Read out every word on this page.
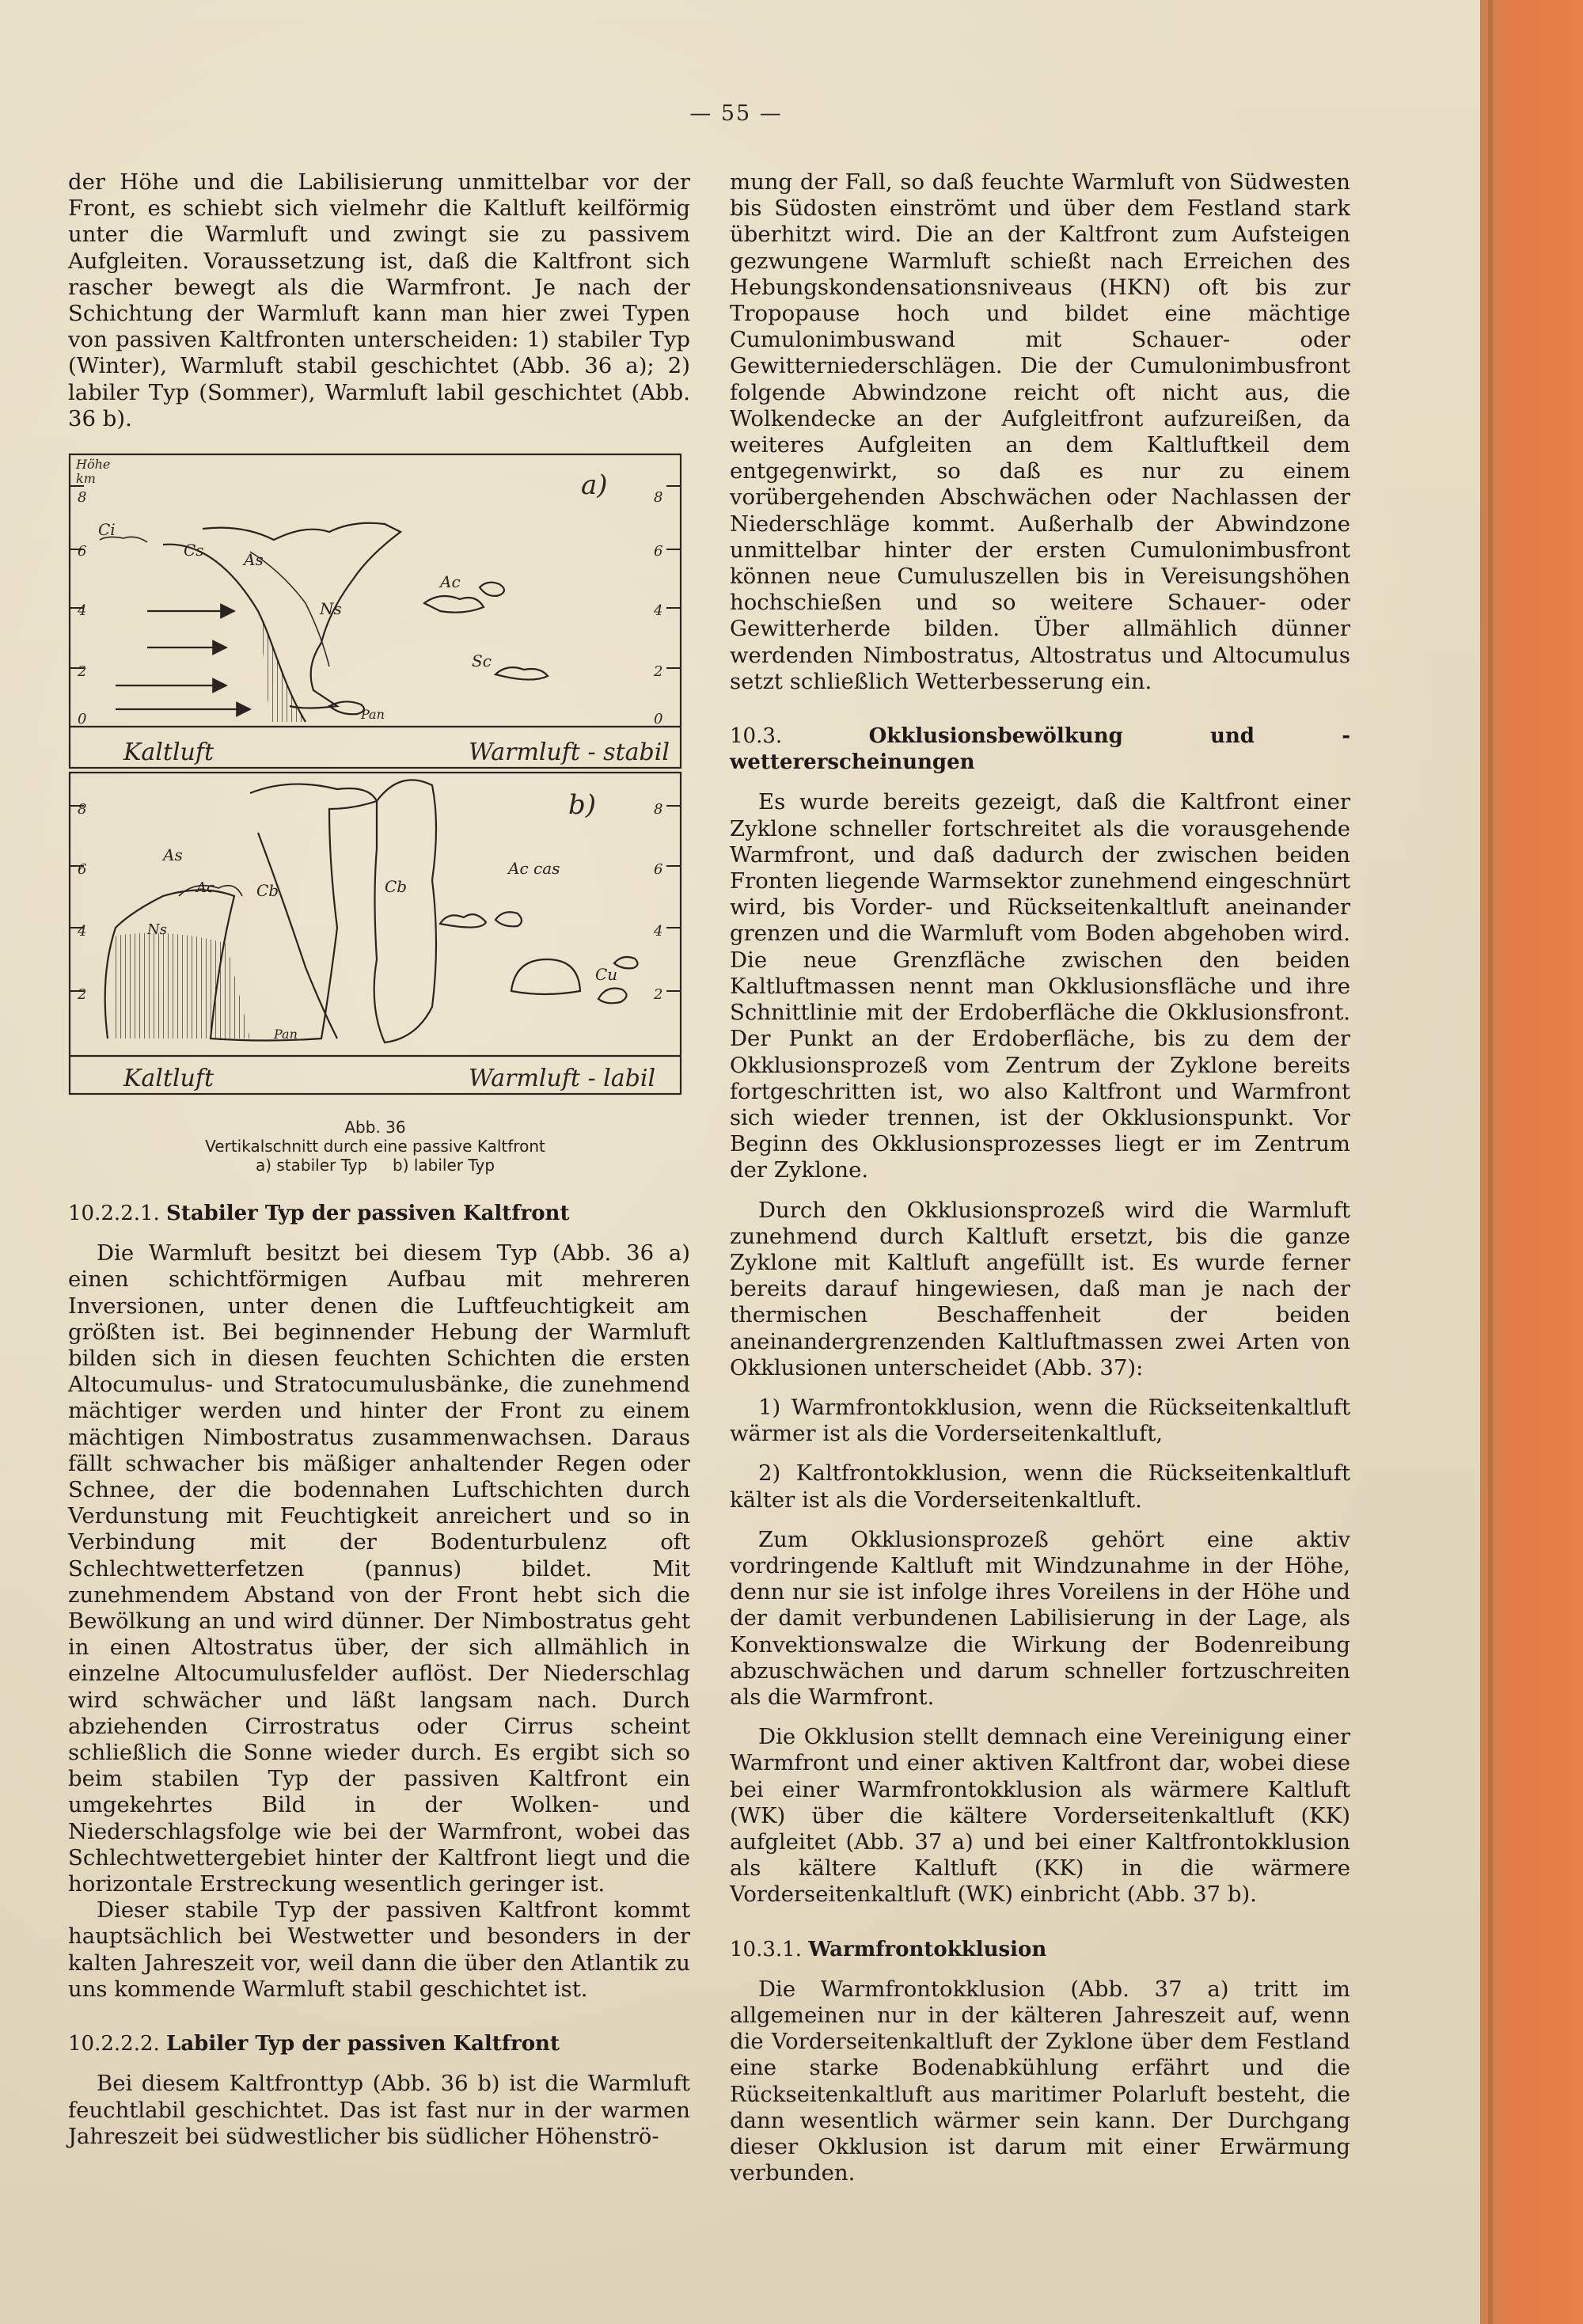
— 55 —

der Höhe und die Labilisierung unmittelbar vor der Front, es schiebt sich vielmehr die Kaltluft keilförmig unter die Warmluft und zwingt sie zu passivem Aufgleiten. Voraussetzung ist, daß die Kaltfront sich rascher bewegt als die Warmfront. Je nach der Schichtung der Warmluft kann man hier zwei Typen von passiven Kaltfronten unterscheiden: 1) stabiler Typ (Winter), Warmluft stabil geschichtet (Abb. 36 a); 2) labiler Typ (Sommer), Warmluft labil geschichtet (Abb. 36 b).

Höhe
km	a)
8
6
4
2
0
8
6
4
2
0
Ci
Cs	As
Ns
Ac
Sc
Pan
Kaltluft	Warmluft - stabil
b)
8
6
4
2
8
6
4
2
As
Ac	Cb	Cb
Ns
Ac cas
Cu
Pan
Kaltluft	Warmluft - labil
Abb. 36
Vertikalschnitt durch eine passive Kaltfront
a) stabiler Typ     b) labiler Typ

10.2.2.1. Stabiler Typ der passiven Kaltfront

Die Warmluft besitzt bei diesem Typ (Abb. 36 a) einen schichtförmigen Aufbau mit mehreren Inversionen, unter denen die Luftfeuchtigkeit am größten ist. Bei beginnender Hebung der Warmluft bilden sich in diesen feuchten Schichten die ersten Altocumulus- und Stratocumulusbänke, die zunehmend mächtiger werden und hinter der Front zu einem mächtigen Nimbostratus zusammenwachsen. Daraus fällt schwacher bis mäßiger anhaltender Regen oder Schnee, der die bodennahen Luftschichten durch Verdunstung mit Feuchtigkeit anreichert und so in Verbindung mit der Bodenturbulenz oft Schlechtwetterfetzen (pannus) bildet. Mit zunehmendem Abstand von der Front hebt sich die Bewölkung an und wird dünner. Der Nimbostratus geht in einen Altostratus über, der sich allmählich in einzelne Altocumulusfelder auflöst. Der Niederschlag wird schwächer und läßt langsam nach. Durch abziehenden Cirrostratus oder Cirrus scheint schließlich die Sonne wieder durch. Es ergibt sich so beim stabilen Typ der passiven Kaltfront ein umgekehrtes Bild in der Wolken- und Niederschlagsfolge wie bei der Warmfront, wobei das Schlechtwettergebiet hinter der Kaltfront liegt und die horizontale Erstreckung wesentlich geringer ist.

Dieser stabile Typ der passiven Kaltfront kommt hauptsächlich bei Westwetter und besonders in der kalten Jahreszeit vor, weil dann die über den Atlantik zu uns kommende Warmluft stabil geschichtet ist.

10.2.2.2. Labiler Typ der passiven Kaltfront

Bei diesem Kaltfronttyp (Abb. 36 b) ist die Warmluft feuchtlabil geschichtet. Das ist fast nur in der warmen Jahreszeit bei südwestlicher bis südlicher Höhenströ-

mung der Fall, so daß feuchte Warmluft von Südwesten bis Südosten einströmt und über dem Festland stark überhitzt wird. Die an der Kaltfront zum Aufsteigen gezwungene Warmluft schießt nach Erreichen des Hebungskondensationsniveaus (HKN) oft bis zur Tropopause hoch und bildet eine mächtige Cumulonimbuswand mit Schauer- oder Gewitterniederschlägen. Die der Cumulonimbusfront folgende Abwindzone reicht oft nicht aus, die Wolkendecke an der Aufgleitfront aufzureißen, da weiteres Aufgleiten an dem Kaltluftkeil dem entgegenwirkt, so daß es nur zu einem vorübergehenden Abschwächen oder Nachlassen der Niederschläge kommt. Außerhalb der Abwindzone unmittelbar hinter der ersten Cumulonimbusfront können neue Cumuluszellen bis in Vereisungshöhen hochschießen und so weitere Schauer- oder Gewitterherde bilden. Über allmählich dünner werdenden Nimbostratus, Altostratus und Altocumulus setzt schließlich Wetterbesserung ein.

10.3.	Okklusionsbewölkung und -wettererscheinungen

Es wurde bereits gezeigt, daß die Kaltfront einer Zyklone schneller fortschreitet als die vorausgehende Warmfront, und daß dadurch der zwischen beiden Fronten liegende Warmsektor zunehmend eingeschnürt wird, bis Vorder- und Rückseitenkaltluft aneinander grenzen und die Warmluft vom Boden abgehoben wird. Die neue Grenzfläche zwischen den beiden Kaltluftmassen nennt man Okklusionsfläche und ihre Schnittlinie mit der Erdoberfläche die Okklusionsfront. Der Punkt an der Erdoberfläche, bis zu dem der Okklusionsprozeß vom Zentrum der Zyklone bereits fortgeschritten ist, wo also Kaltfront und Warmfront sich wieder trennen, ist der Okklusionspunkt. Vor Beginn des Okklusionsprozesses liegt er im Zentrum der Zyklone.

Durch den Okklusionsprozeß wird die Warmluft zunehmend durch Kaltluft ersetzt, bis die ganze Zyklone mit Kaltluft angefüllt ist. Es wurde ferner bereits darauf hingewiesen, daß man je nach der thermischen Beschaffenheit der beiden aneinandergrenzenden Kaltluftmassen zwei Arten von Okklusionen unterscheidet (Abb. 37):

1) Warmfrontokklusion, wenn die Rückseitenkaltluft wärmer ist als die Vorderseitenkaltluft,

2) Kaltfrontokklusion, wenn die Rückseitenkaltluft kälter ist als die Vorderseitenkaltluft.

Zum Okklusionsprozeß gehört eine aktiv vordringende Kaltluft mit Windzunahme in der Höhe, denn nur sie ist infolge ihres Voreilens in der Höhe und der damit verbundenen Labilisierung in der Lage, als Konvektionswalze die Wirkung der Bodenreibung abzuschwächen und darum schneller fortzuschreiten als die Warmfront.

Die Okklusion stellt demnach eine Vereinigung einer Warmfront und einer aktiven Kaltfront dar, wobei diese bei einer Warmfrontokklusion als wärmere Kaltluft (WK) über die kältere Vorderseitenkaltluft (KK) aufgleitet (Abb. 37 a) und bei einer Kaltfrontokklusion als kältere Kaltluft (KK) in die wärmere Vorderseitenkaltluft (WK) einbricht (Abb. 37 b).

10.3.1. Warmfrontokklusion

Die Warmfrontokklusion (Abb. 37 a) tritt im allgemeinen nur in der kälteren Jahreszeit auf, wenn die Vorderseitenkaltluft der Zyklone über dem Festland eine starke Bodenabkühlung erfährt und die Rückseitenkaltluft aus maritimer Polarluft besteht, die dann wesentlich wärmer sein kann. Der Durchgang dieser Okklusion ist darum mit einer Erwärmung verbunden.
